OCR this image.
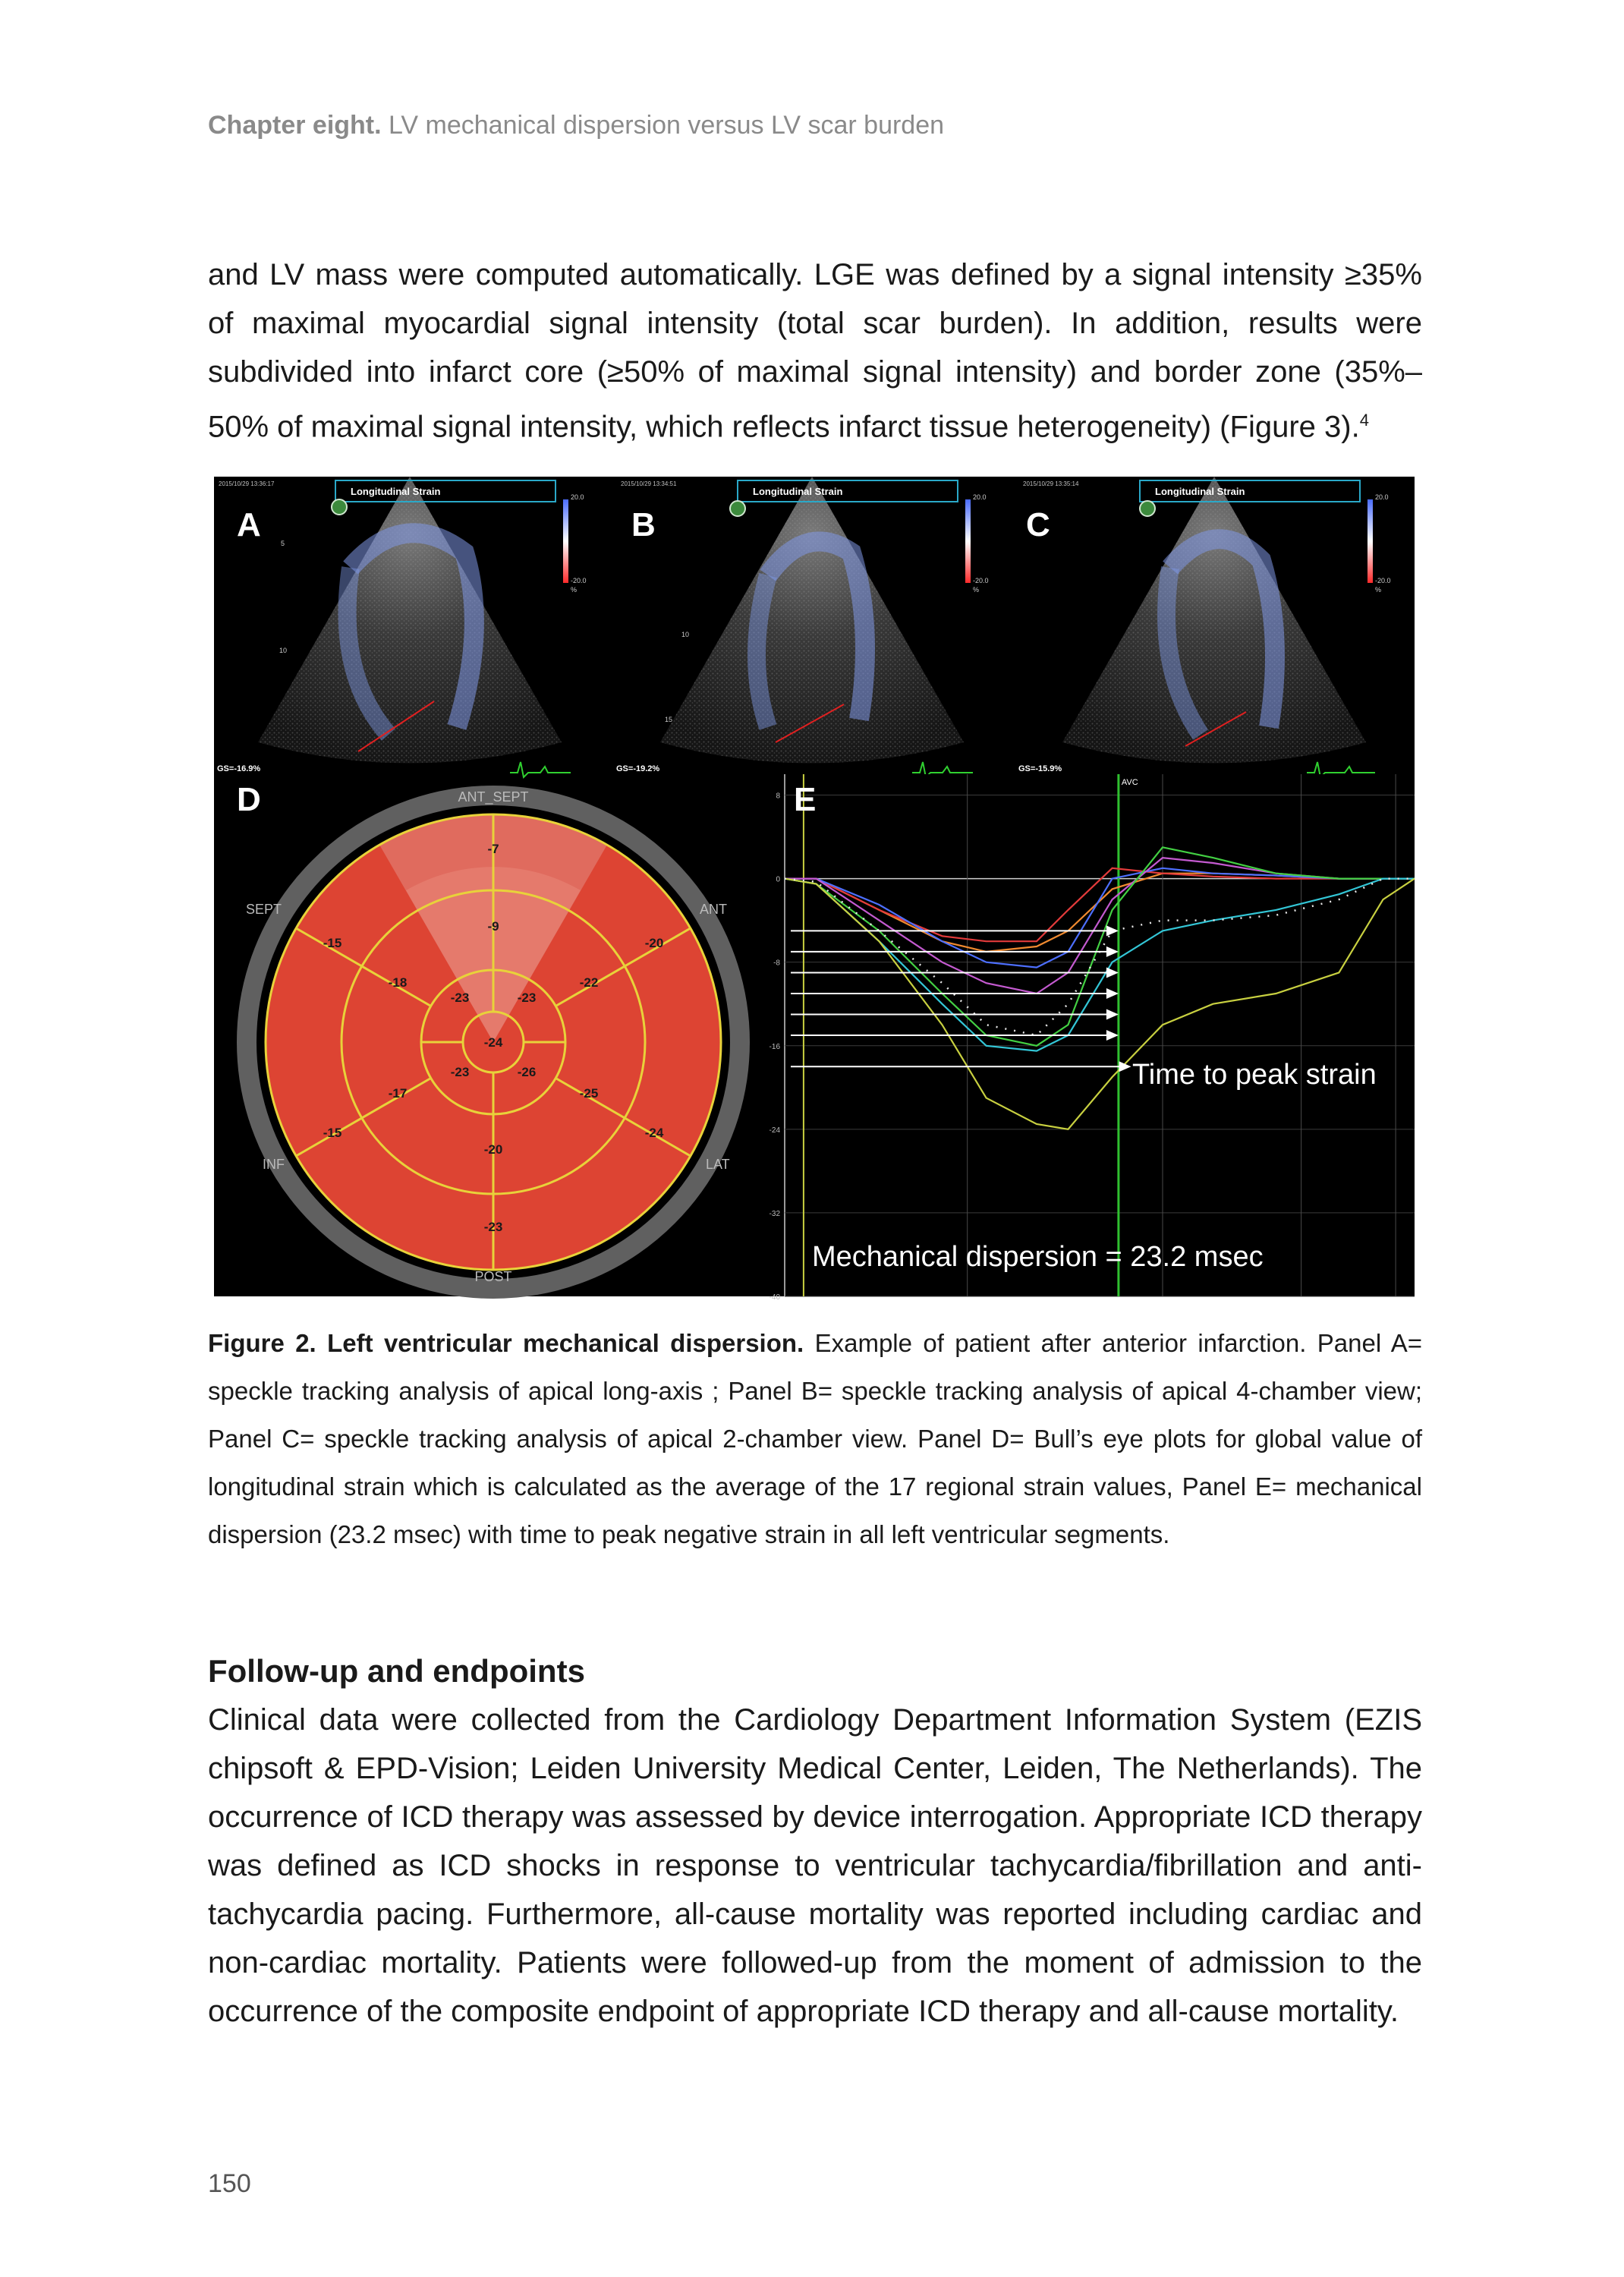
Chapter eight. LV mechanical dispersion versus LV scar burden

and LV mass were computed automatically. LGE was defined by a signal intensity ≥35% of maximal myocardial signal intensity (total scar burden). In addition, results were subdivided into infarct core (≥50% of maximal signal intensity) and border zone (35%–50% of maximal signal intensity, which reflects infarct tissue heterogeneity) (Figure 3).$^4$

Longitudinal Strain
2015/10/29 13:36:17
A
20.0
-20.0
%
GS=-16.9%
5
10
Longitudinal Strain
2015/10/29 13:34:51
B
20.0
-20.0
%
GS=-19.2%
10
15
Longitudinal Strain
2015/10/29 13:35:14
C
20.0
-20.0
%
GS=-15.9%
ANT_SEPT
SEPT	ANT
INF	LAT
POST
-7
-20
-24
-23
-15
-15
-9
-22
-25
-20
-17
-18
-23	-23
-26
-23
-24
D	8
0
-8
-16
-24
-32
-40
AVC
E
Time to peak strain
Mechanical dispersion = 23.2 msec

Figure 2. Left ventricular mechanical dispersion. Example of patient after anterior infarction. Panel A= speckle tracking analysis of apical long-axis ; Panel B= speckle tracking analysis of apical 4-chamber view; Panel C= speckle tracking analysis of apical 2-chamber view. Panel D= Bull’s eye plots for global value of longitudinal strain which is calculated as the average of the 17 regional strain values, Panel E= mechanical dispersion (23.2 msec) with time to peak negative strain in all left ventricular segments.

Follow-up and endpoints

Clinical data were collected from the Cardiology Department Information System (EZIS chipsoft & EPD-Vision; Leiden University Medical Center, Leiden, The Netherlands). The occurrence of ICD therapy was assessed by device interrogation. Appropriate ICD therapy was defined as ICD shocks in response to ventricular tachycardia/fibrillation and anti- tachycardia pacing. Furthermore, all-cause mortality was reported including cardiac and non-cardiac mortality. Patients were followed-up from the moment of admission to the occurrence of the composite endpoint of appropriate ICD therapy and all-cause mortality.

150
